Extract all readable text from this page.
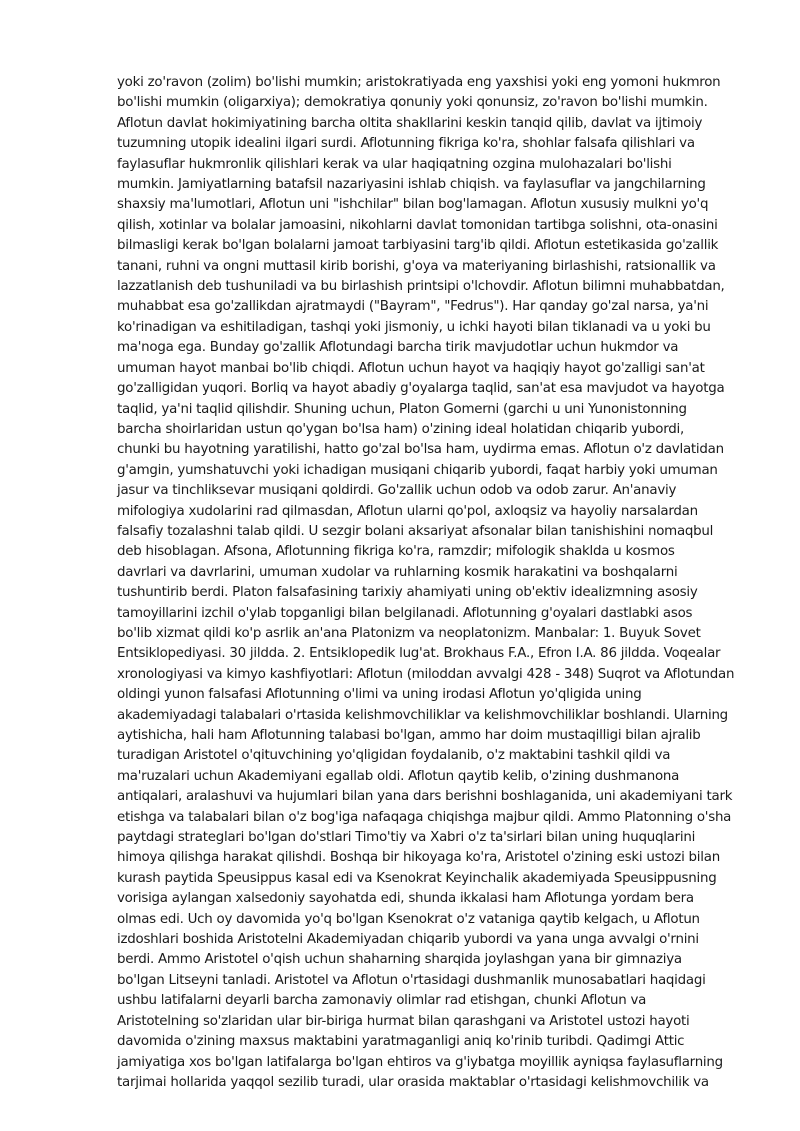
yoki zo'ravon (zolim) bo'lishi mumkin; aristokratiyada eng yaxshisi yoki eng yomoni hukmron
bo'lishi mumkin (oligarxiya); demokratiya qonuniy yoki qonunsiz, zo'ravon bo'lishi mumkin.
Aflotun davlat hokimiyatining barcha oltita shakllarini keskin tanqid qilib, davlat va ijtimoiy
tuzumning utopik idealini ilgari surdi. Aflotunning fikriga ko'ra, shohlar falsafa qilishlari va
faylasuflar hukmronlik qilishlari kerak va ular haqiqatning ozgina mulohazalari bo'lishi
mumkin. Jamiyatlarning batafsil nazariyasini ishlab chiqish. va faylasuflar va jangchilarning
shaxsiy ma'lumotlari, Aflotun uni "ishchilar" bilan bog'lamagan. Aflotun xususiy mulkni yo'q
qilish, xotinlar va bolalar jamoasini, nikohlarni davlat tomonidan tartibga solishni, ota-onasini
bilmasligi kerak bo'lgan bolalarni jamoat tarbiyasini targ'ib qildi. Aflotun estetikasida go'zallik
tanani, ruhni va ongni muttasil kirib borishi, g'oya va materiyaning birlashishi, ratsionallik va
lazzatlanish deb tushuniladi va bu birlashish printsipi o'lchovdir. Aflotun bilimni muhabbatdan,
muhabbat esa go'zallikdan ajratmaydi ("Bayram", "Fedrus"). Har qanday go'zal narsa, ya'ni
ko'rinadigan va eshitiladigan, tashqi yoki jismoniy, u ichki hayoti bilan tiklanadi va u yoki bu
ma'noga ega. Bunday go'zallik Aflotundagi barcha tirik mavjudotlar uchun hukmdor va
umuman hayot manbai bo'lib chiqdi. Aflotun uchun hayot va haqiqiy hayot go'zalligi san'at
go'zalligidan yuqori. Borliq va hayot abadiy g'oyalarga taqlid, san'at esa mavjudot va hayotga
taqlid, ya'ni taqlid qilishdir. Shuning uchun, Platon Gomerni (garchi u uni Yunonistonning
barcha shoirlaridan ustun qo'ygan bo'lsa ham) o'zining ideal holatidan chiqarib yubordi,
chunki bu hayotning yaratilishi, hatto go'zal bo'lsa ham, uydirma emas. Aflotun o'z davlatidan
g'amgin, yumshatuvchi yoki ichadigan musiqani chiqarib yubordi, faqat harbiy yoki umuman
jasur va tinchliksevar musiqani qoldirdi. Go'zallik uchun odob va odob zarur. An'anaviy
mifologiya xudolarini rad qilmasdan, Aflotun ularni qo'pol, axloqsiz va hayoliy narsalardan
falsafiy tozalashni talab qildi. U sezgir bolani aksariyat afsonalar bilan tanishishini nomaqbul
deb hisoblagan. Afsona, Aflotunning fikriga ko'ra, ramzdir; mifologik shaklda u kosmos
davrlari va davrlarini, umuman xudolar va ruhlarning kosmik harakatini va boshqalarni
tushuntirib berdi. Platon falsafasining tarixiy ahamiyati uning ob'ektiv idealizmning asosiy
tamoyillarini izchil o'ylab topganligi bilan belgilanadi. Aflotunning g'oyalari dastlabki asos
bo'lib xizmat qildi ko'p asrlik an'ana Platonizm va neoplatonizm. Manbalar: 1. Buyuk Sovet
Entsiklopediyasi. 30 jildda. 2. Entsiklopedik lug'at. Brokhaus F.A., Efron I.A. 86 jildda. Voqealar
xronologiyasi va kimyo kashfiyotlari: Aflotun (miloddan avvalgi 428 - 348) Suqrot va Aflotundan
oldingi yunon falsafasi Aflotunning o'limi va uning irodasi Aflotun yo'qligida uning
akademiyadagi talabalari o'rtasida kelishmovchiliklar va kelishmovchiliklar boshlandi. Ularning
aytishicha, hali ham Aflotunning talabasi bo'lgan, ammo har doim mustaqilligi bilan ajralib
turadigan Aristotel o'qituvchining yo'qligidan foydalanib, o'z maktabini tashkil qildi va
ma'ruzalari uchun Akademiyani egallab oldi. Aflotun qaytib kelib, o'zining dushmanona
antiqalari, aralashuvi va hujumlari bilan yana dars berishni boshlaganida, uni akademiyani tark
etishga va talabalari bilan o'z bog'iga nafaqaga chiqishga majbur qildi. Ammo Platonning o'sha
paytdagi strateglari bo'lgan do'stlari Timo'tiy va Xabri o'z ta'sirlari bilan uning huquqlarini
himoya qilishga harakat qilishdi. Boshqa bir hikoyaga ko'ra, Aristotel o'zining eski ustozi bilan
kurash paytida Speusippus kasal edi va Ksenokrat Keyinchalik akademiyada Speusippusning
vorisiga aylangan xalsedoniy sayohatda edi, shunda ikkalasi ham Aflotunga yordam bera
olmas edi. Uch oy davomida yo'q bo'lgan Ksenokrat o'z vataniga qaytib kelgach, u Aflotun
izdoshlari boshida Aristotelni Akademiyadan chiqarib yubordi va yana unga avvalgi o'rnini
berdi. Ammo Aristotel o'qish uchun shaharning sharqida joylashgan yana bir gimnaziya
bo'lgan Litseyni tanladi. Aristotel va Aflotun o'rtasidagi dushmanlik munosabatlari haqidagi
ushbu latifalarni deyarli barcha zamonaviy olimlar rad etishgan, chunki Aflotun va
Aristotelning so'zlaridan ular bir-biriga hurmat bilan qarashgani va Aristotel ustozi hayoti
davomida o'zining maxsus maktabini yaratmaganligi aniq ko'rinib turibdi. Qadimgi Attic
jamiyatiga xos bo'lgan latifalarga bo'lgan ehtiros va g'iybatga moyillik ayniqsa faylasuflarning
tarjimai hollarida yaqqol sezilib turadi, ular orasida maktablar o'rtasidagi kelishmovchilik va
